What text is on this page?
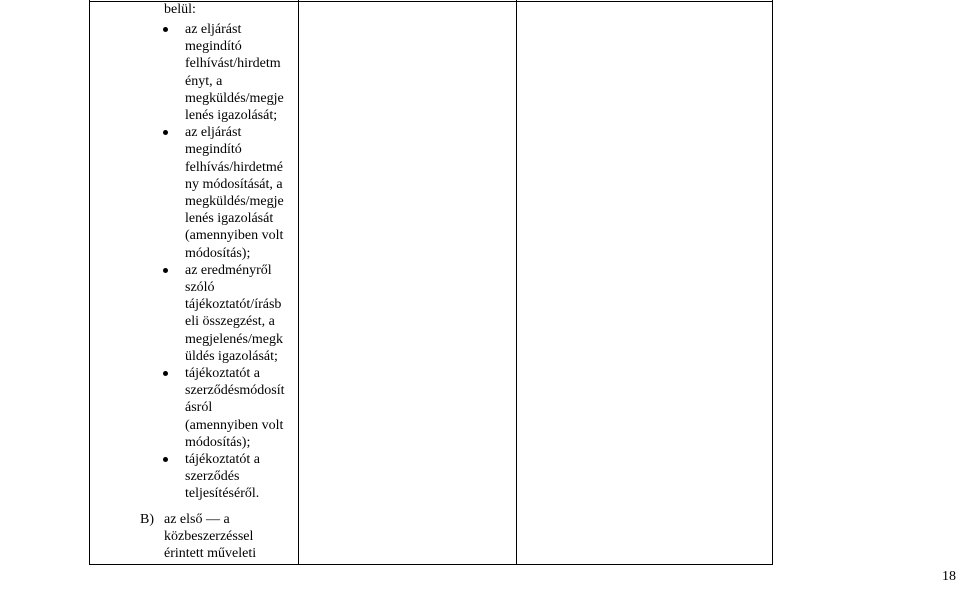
belül:
az eljárást
megindító
felhívást/hirdetm
ényt, a
megküldés/megje
lenés igazolását;
az eljárást
megindító
felhívás/hirdetmé
ny módosítását, a
megküldés/megje
lenés igazolását
(amennyiben volt
módosítás);
az eredményről
szóló
tájékoztatót/írásb
eli összegzést, a
megjelenés/megk
üldés igazolását;
tájékoztatót a
szerződésmódosít
ásról
(amennyiben volt
módosítás);
tájékoztatót a
szerződés
teljesítéséről.
B) az első — a
közbeszerzéssel
érintett műveleti
18
